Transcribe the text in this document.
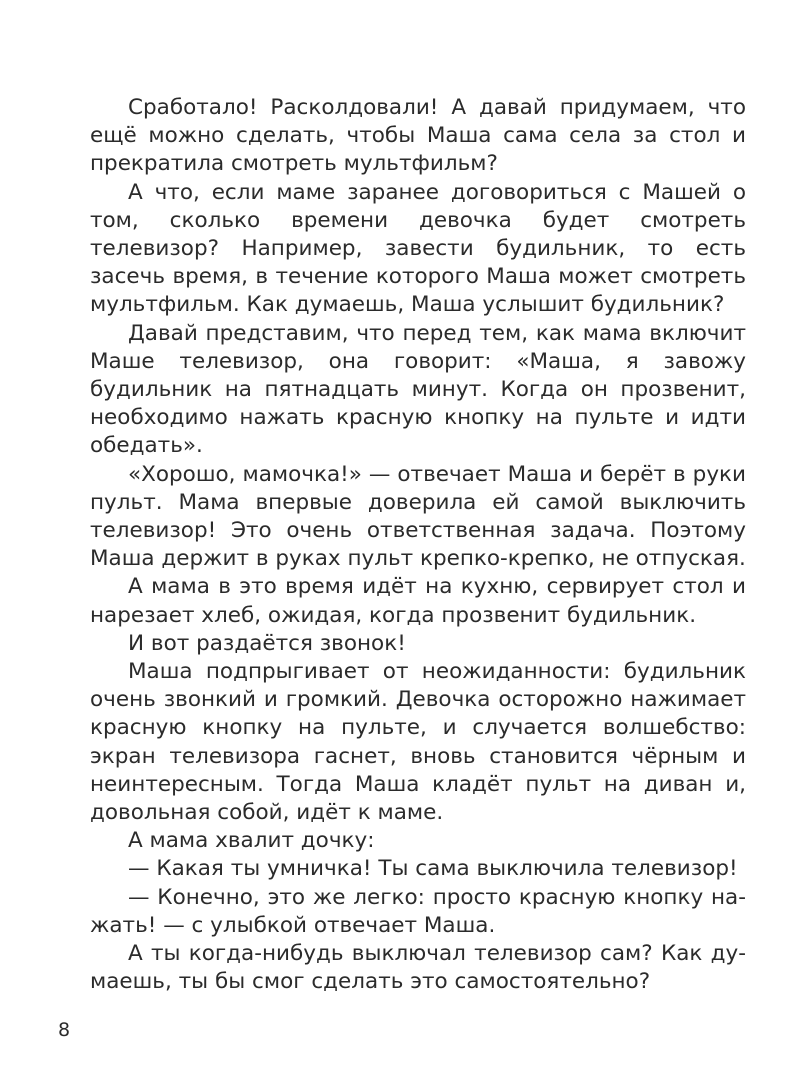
Сработало! Расколдовали! А давай придумаем, что ещё можно сделать, чтобы Маша сама села за стол и прекратила смотреть мультфильм?

А что, если маме заранее договориться с Машей о том, сколько времени девочка будет смотреть телевизор? Например, завести будильник, то есть засечь время, в течение которого Маша может смотреть мультфильм. Как думаешь, Маша услышит будильник?

Давай представим, что перед тем, как мама включит Маше телевизор, она говорит: «Маша, я завожу будильник на пятнадцать минут. Когда он прозвенит, необходимо нажать красную кнопку на пульте и идти обедать».

«Хорошо, мамочка!» — отвечает Маша и берёт в руки пульт. Мама впервые доверила ей самой выключить телевизор! Это очень ответственная задача. Поэтому Маша держит в руках пульт крепко-крепко, не отпуская.

А мама в это время идёт на кухню, сервирует стол и нарезает хлеб, ожидая, когда прозвенит будильник.

И вот раздаётся звонок!

Маша подпрыгивает от неожиданности: будильник очень звонкий и громкий. Девочка осторожно нажимает красную кнопку на пульте, и случается волшебство: экран телевизора гаснет, вновь становится чёрным и неинтересным. Тогда Маша кладёт пульт на диван и, довольная собой, идёт к маме.

А мама хвалит дочку:

— Какая ты умничка! Ты сама выключила телевизор!

— Конечно, это же легко: просто красную кнопку нажать! — с улыбкой отвечает Маша.

А ты когда-нибудь выключал телевизор сам? Как думаешь, ты бы смог сделать это самостоятельно?

8
